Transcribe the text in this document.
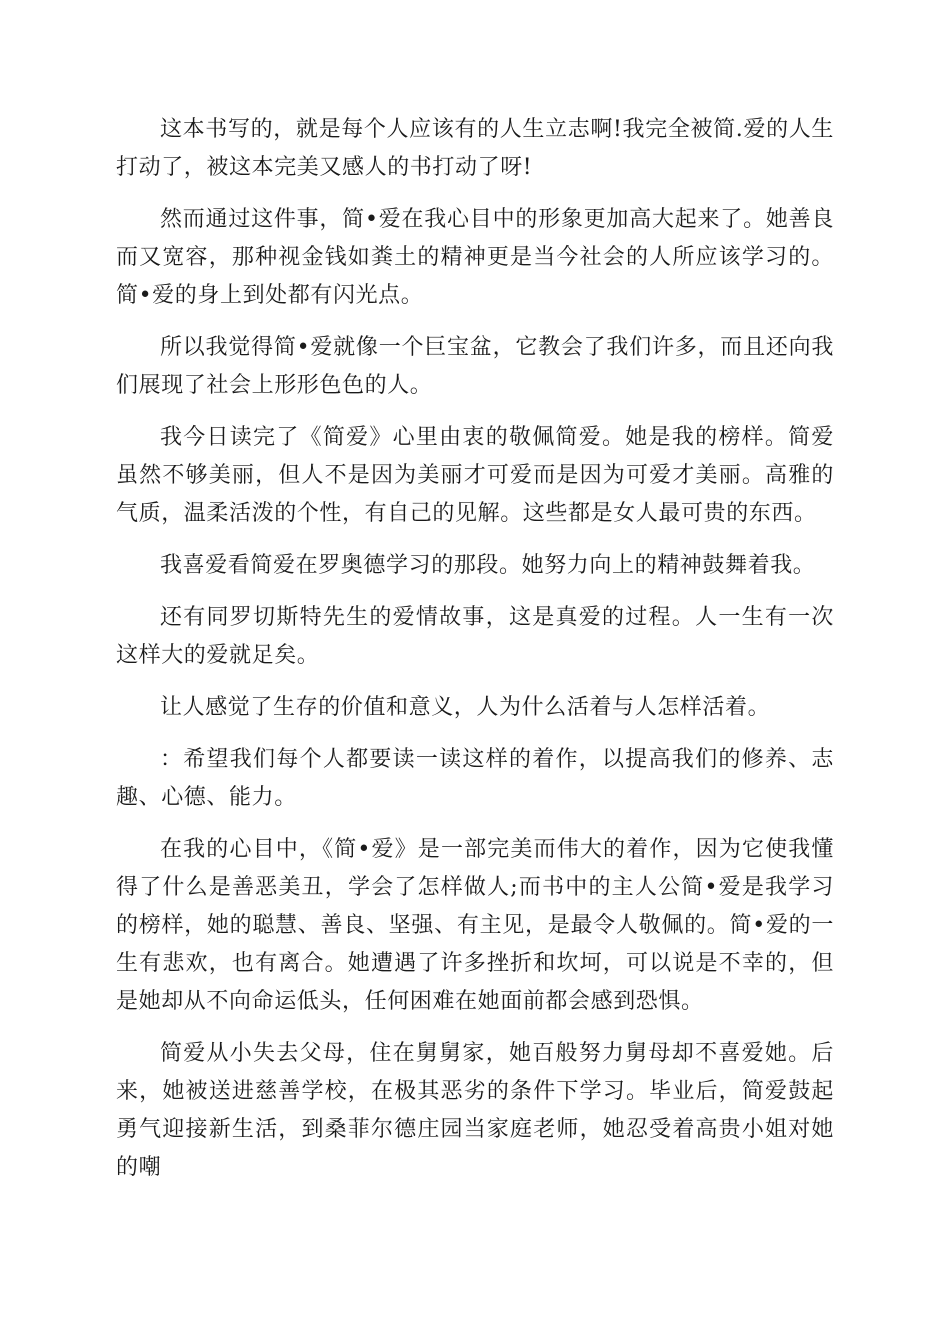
这本书写的，就是每个人应该有的人生立志啊!我完全被简.爱的人生打动了，被这本完美又感人的书打动了呀!

然而通过这件事，简•爱在我心目中的形象更加高大起来了。她善良而又宽容，那种视金钱如粪土的精神更是当今社会的人所应该学习的。简•爱的身上到处都有闪光点。

所以我觉得简•爱就像一个巨宝盆，它教会了我们许多，而且还向我们展现了社会上形形色色的人。

我今日读完了《简爱》心里由衷的敬佩简爱。她是我的榜样。简爱虽然不够美丽，但人不是因为美丽才可爱而是因为可爱才美丽。高雅的气质，温柔活泼的个性，有自己的见解。这些都是女人最可贵的东西。

我喜爱看简爱在罗奥德学习的那段。她努力向上的精神鼓舞着我。

还有同罗切斯特先生的爱情故事，这是真爱的过程。人一生有一次这样大的爱就足矣。

让人感觉了生存的价值和意义，人为什么活着与人怎样活着。

：希望我们每个人都要读一读这样的着作，以提高我们的修养、志趣、心德、能力。

在我的心目中，《简•爱》是一部完美而伟大的着作，因为它使我懂得了什么是善恶美丑，学会了怎样做人;而书中的主人公简•爱是我学习的榜样，她的聪慧、善良、坚强、有主见，是最令人敬佩的。简•爱的一生有悲欢，也有离合。她遭遇了许多挫折和坎坷，可以说是不幸的，但是她却从不向命运低头，任何困难在她面前都会感到恐惧。

简爱从小失去父母，住在舅舅家，她百般努力舅母却不喜爱她。后来，她被送进慈善学校，在极其恶劣的条件下学习。毕业后，简爱鼓起勇气迎接新生活，到桑菲尔德庄园当家庭老师，她忍受着高贵小姐对她的嘲
